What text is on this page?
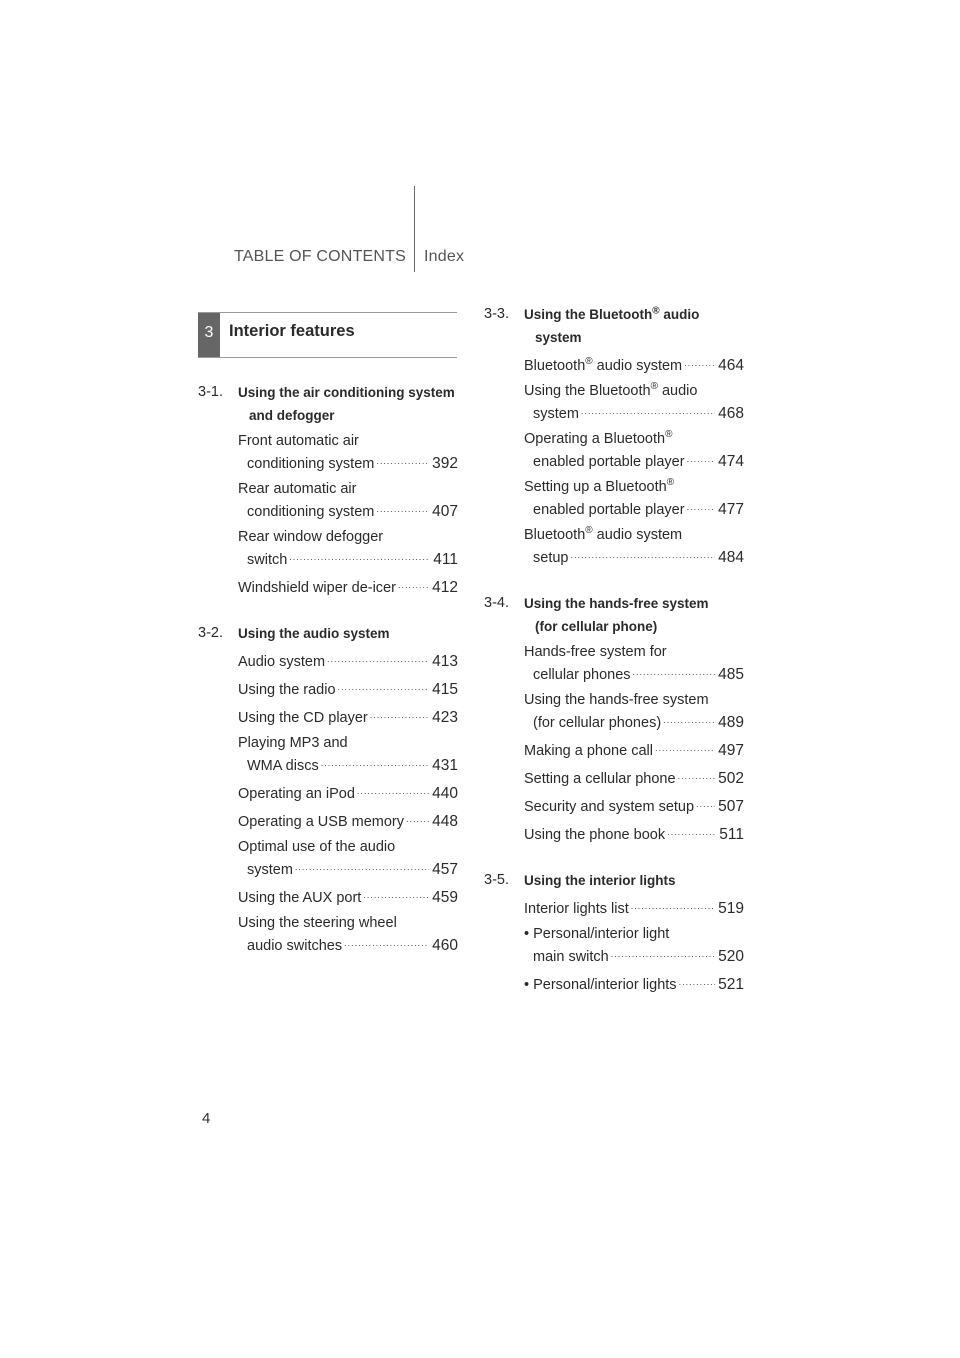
TABLE OF CONTENTS Index
3 Interior features
3-1. Using the air conditioning system
and defogger
Front automatic air
conditioning system .....	392
Rear automatic air
conditioning system .....	407
Rear window defogger
switch .....	411
Windshield wiper de-icer ..... 412
3-2. Using the audio system
Audio system .....	413
Using the radio .....	415
Using the CD player .....	423
Playing MP3 and
WMA discs .....	431
Operating an iPod .....	440
Operating a USB memory ..... 448
Optimal use of the audio
system .....	457
Using the AUX port .....	459
Using the steering wheel
audio switches .....	460
3-3. Using the Bluetooth® audio
system
Bluetooth® audio system ..... 464
Using the Bluetooth® audio
system .....	468
Operating a Bluetooth®
enabled portable player ..... 474
Setting up a Bluetooth®
enabled portable player ..... 477
Bluetooth® audio system
setup .....	484
3-4. Using the hands-free system
(for cellular phone)
Hands-free system for
cellular phones .....	485
Using the hands-free system
(for cellular phones) .....	489
Making a phone call .....	497
Setting a cellular phone .....	502
Security and system setup ..... 507
Using the phone book .....	511
3-5. Using the interior lights
Interior lights list .....	519
• Personal/interior light
main switch .....	520
• Personal/interior lights .....	521
4
